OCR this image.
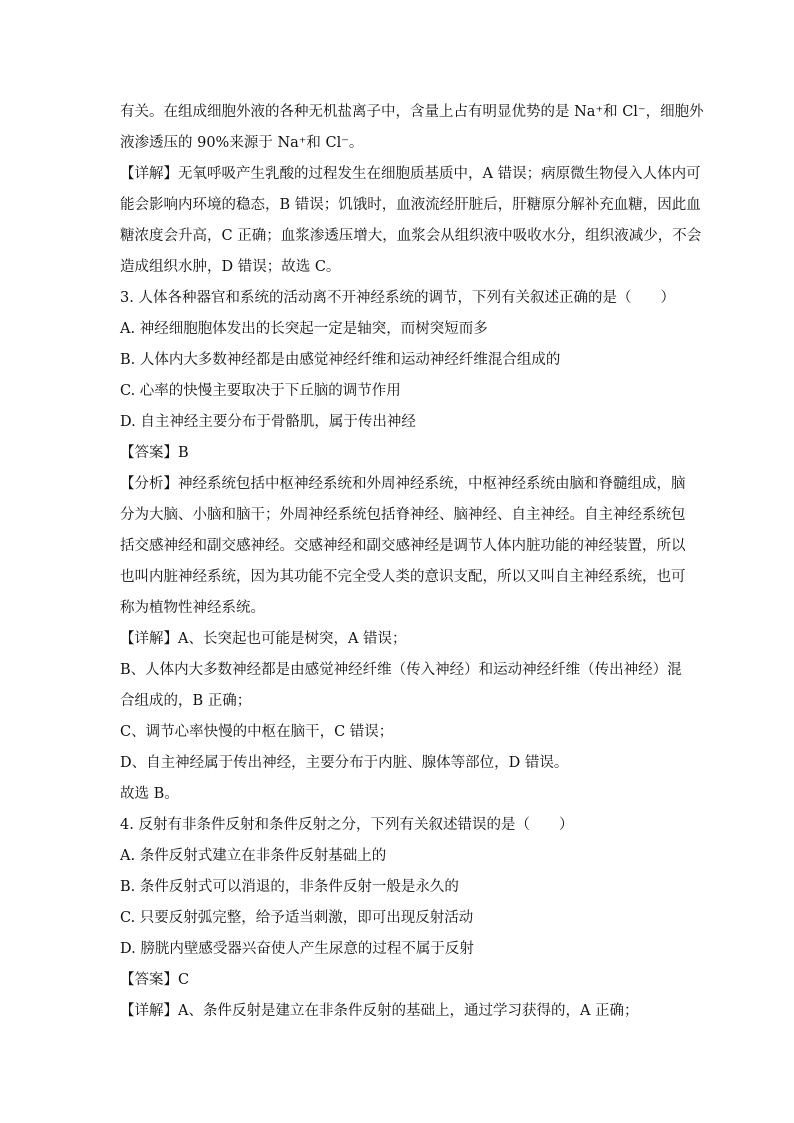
有关。在组成细胞外液的各种无机盐离子中，含量上占有明显优势的是 Na⁺和 Cl⁻，细胞外
液渗透压的 90%来源于 Na⁺和 Cl⁻。
【详解】无氧呼吸产生乳酸的过程发生在细胞质基质中，A 错误；病原微生物侵入人体内可
能会影响内环境的稳态，B 错误；饥饿时，血液流经肝脏后，肝糖原分解补充血糖，因此血
糖浓度会升高，C 正确；血浆渗透压增大，血浆会从组织液中吸收水分，组织液减少，不会
造成组织水肿，D 错误；故选 C。
3. 人体各种器官和系统的活动离不开神经系统的调节，下列有关叙述正确的是（　　）
A. 神经细胞胞体发出的长突起一定是轴突，而树突短而多
B. 人体内大多数神经都是由感觉神经纤维和运动神经纤维混合组成的
C. 心率的快慢主要取决于下丘脑的调节作用
D. 自主神经主要分布于骨骼肌，属于传出神经
【答案】B
【分析】神经系统包括中枢神经系统和外周神经系统，中枢神经系统由脑和脊髓组成，脑
分为大脑、小脑和脑干；外周神经系统包括脊神经、脑神经、自主神经。自主神经系统包
括交感神经和副交感神经。交感神经和副交感神经是调节人体内脏功能的神经装置，所以
也叫内脏神经系统，因为其功能不完全受人类的意识支配，所以又叫自主神经系统，也可
称为植物性神经系统。
【详解】A、长突起也可能是树突，A 错误；
B、人体内大多数神经都是由感觉神经纤维（传入神经）和运动神经纤维（传出神经）混
合组成的，B 正确；
C、调节心率快慢的中枢在脑干，C 错误；
D、自主神经属于传出神经，主要分布于内脏、腺体等部位，D 错误。
故选 B。
4. 反射有非条件反射和条件反射之分，下列有关叙述错误的是（　　）
A. 条件反射式建立在非条件反射基础上的
B. 条件反射式可以消退的，非条件反射一般是永久的
C. 只要反射弧完整，给予适当刺激，即可出现反射活动
D. 膀胱内壁感受器兴奋使人产生尿意的过程不属于反射
【答案】C
【详解】A、条件反射是建立在非条件反射的基础上，通过学习获得的，A 正确；
